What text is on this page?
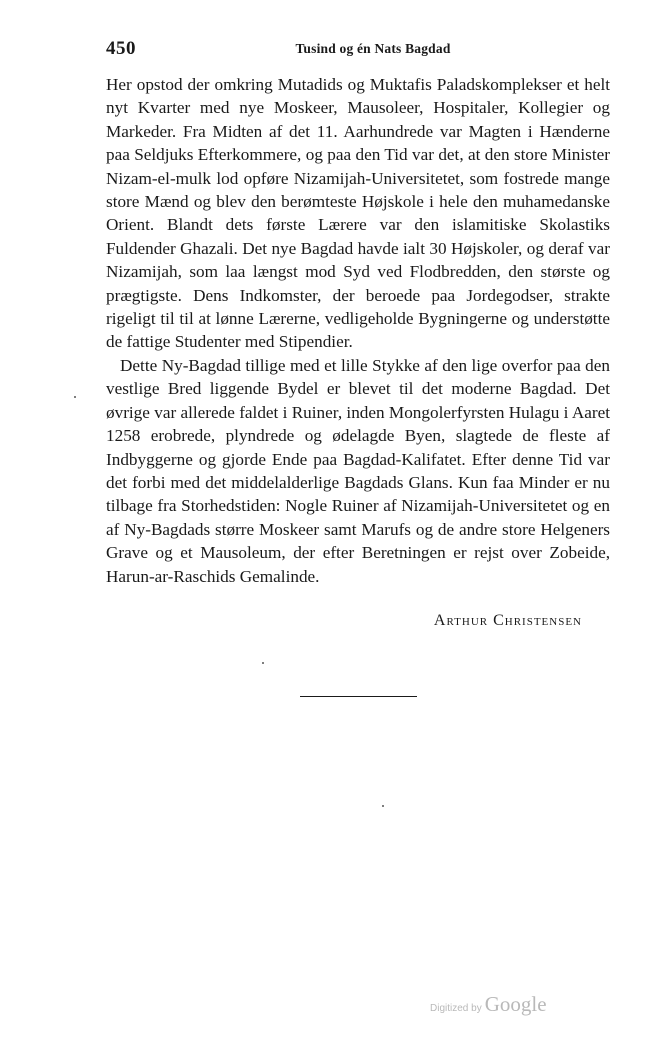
450	Tusind og én Nats Bagdad

Her opstod der omkring Mutadids og Muktafis Paladskomplekser et helt nyt Kvarter med nye Moskeer, Mausoleer, Hospitaler, Kollegier og Markeder. Fra Midten af det 11. Aarhundrede var Magten i Hænderne paa Seldjuks Efterkommere, og paa den Tid var det, at den store Minister Nizam-el-mulk lod opføre Nizamijah-Universitetet, som fostrede mange store Mænd og blev den berømteste Højskole i hele den muhamedanske Orient. Blandt dets første Lærere var den islamitiske Skolastiks Fuldender Ghazali. Det nye Bagdad havde ialt 30 Højskoler, og deraf var Nizamijah, som laa længst mod Syd ved Flodbredden, den største og prægtigste. Dens Indkomster, der beroede paa Jordegodser, strakte rigeligt til til at lønne Lærerne, vedligeholde Bygningerne og understøtte de fattige Studenter med Stipendier.

Dette Ny-Bagdad tillige med et lille Stykke af den lige overfor paa den vestlige Bred liggende Bydel er blevet til det moderne Bagdad. Det øvrige var allerede faldet i Ruiner, inden Mongolerfyrsten Hulagu i Aaret 1258 erobrede, plyndrede og ødelagde Byen, slagtede de fleste af Indbyggerne og gjorde Ende paa Bagdad-Kalifatet. Efter denne Tid var det forbi med det middelalderlige Bagdads Glans. Kun faa Minder er nu tilbage fra Storhedstiden: Nogle Ruiner af Nizamijah-Universitetet og en af Ny-Bagdads større Moskeer samt Marufs og de andre store Helgeners Grave og et Mausoleum, der efter Beretningen er rejst over Zobeide, Harun-ar-Raschids Gemalinde.

Arthur Christensen
Digitized by Google
